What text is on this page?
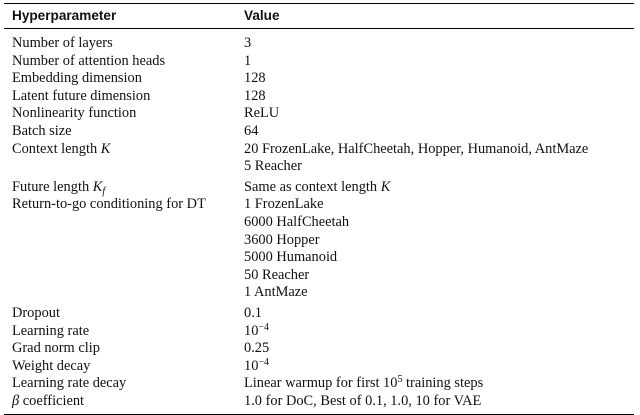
Hyperparameter	Value
Number of layers	3
Number of attention heads	1
Embedding dimension	128
Latent future dimension	128
Nonlinearity function	ReLU
Batch size	64
Context length K	20 FrozenLake, HalfCheetah, Hopper, Humanoid, AntMaze
5 Reacher
Future length $K_f$	Same as context length K
Return-to-go conditioning for DT	1 FrozenLake
6000 HalfCheetah
3600 Hopper
5000 Humanoid
50 Reacher
1 AntMaze
Dropout	0.1
Learning rate	$10^{-4}$
Grad norm clip	0.25
Weight decay	$10^{-4}$
Learning rate decay	Linear warmup for first $10^5$ training steps
β coefficient	1.0 for DoC, Best of 0.1, 1.0, 10 for VAE
